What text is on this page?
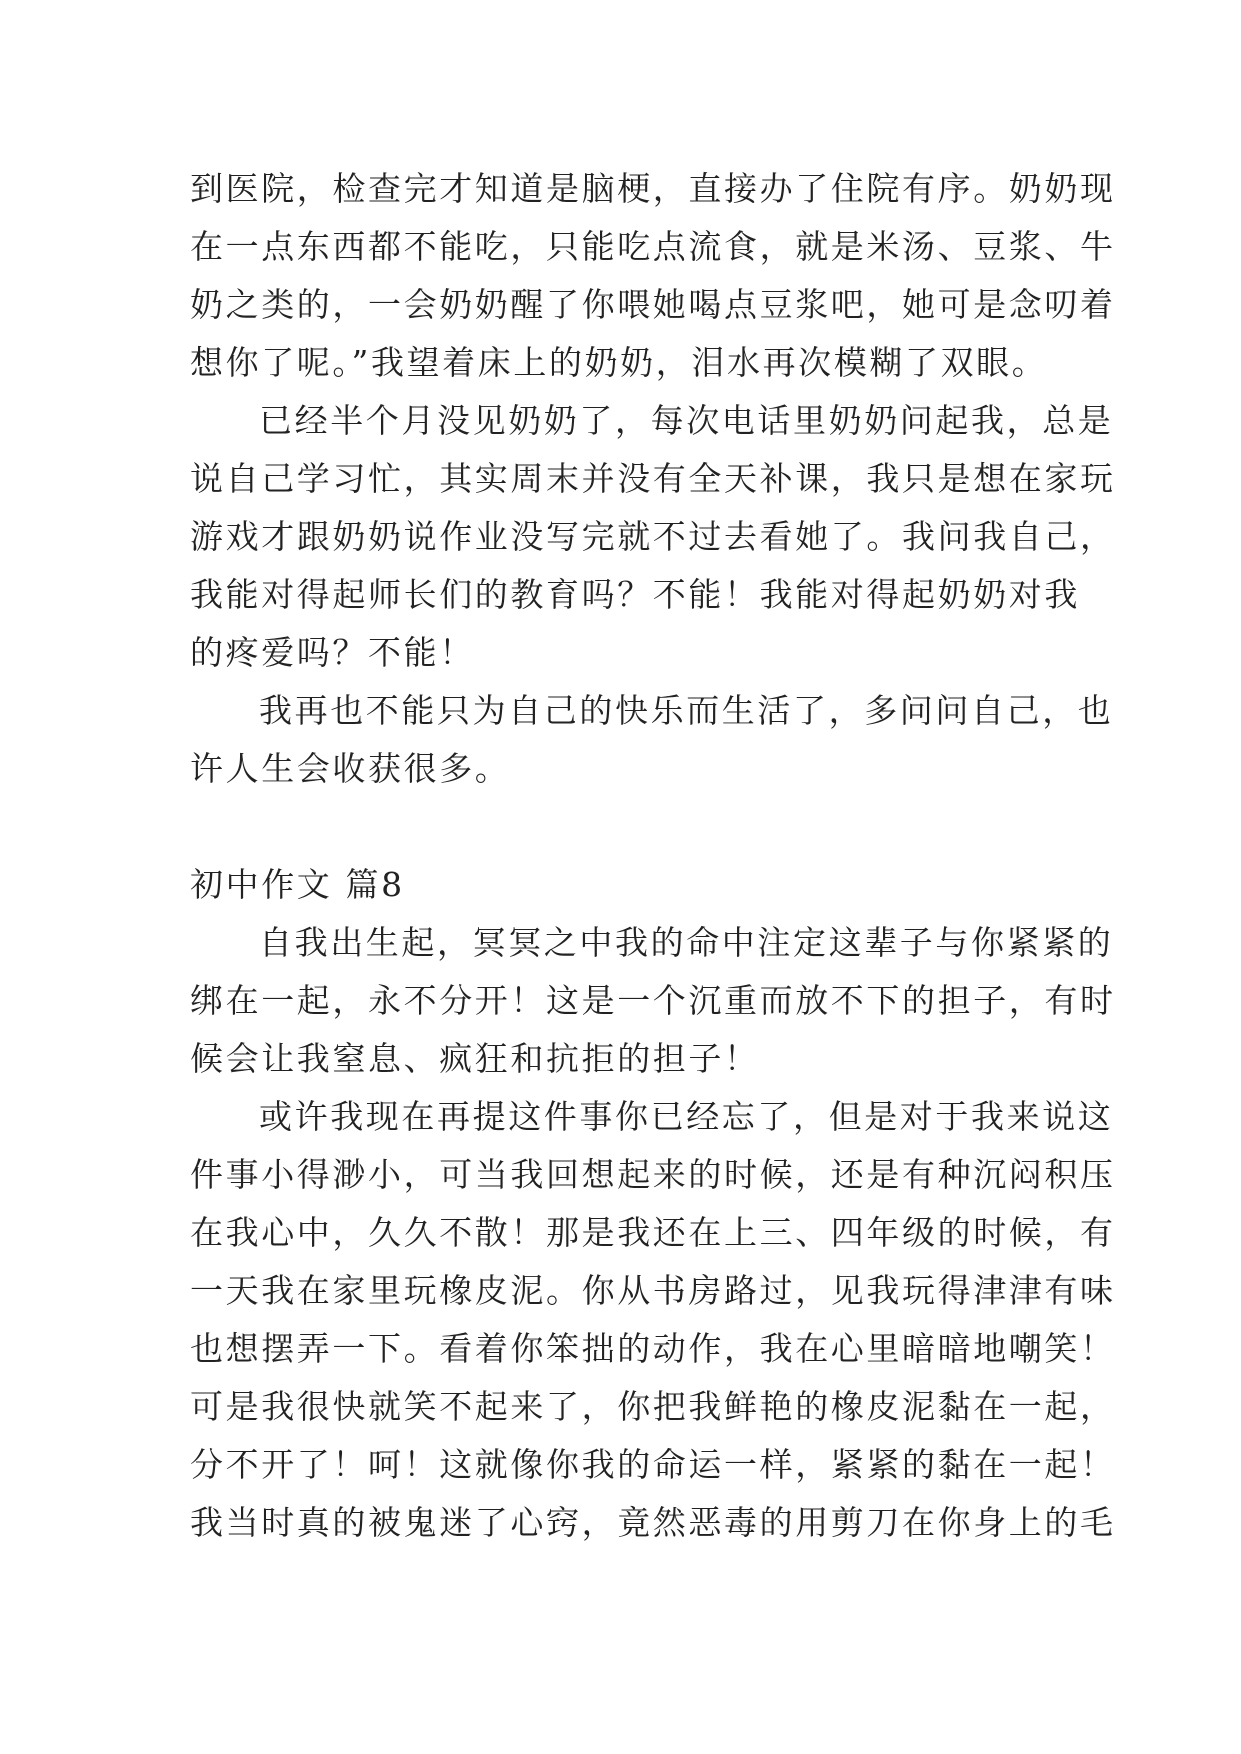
到医院，检查完才知道是脑梗，直接办了住院有序。奶奶现
在一点东西都不能吃，只能吃点流食，就是米汤、豆浆、牛
奶之类的，一会奶奶醒了你喂她喝点豆浆吧，她可是念叨着
想你了呢。”我望着床上的奶奶，泪水再次模糊了双眼。
已经半个月没见奶奶了，每次电话里奶奶问起我，总是
说自己学习忙，其实周末并没有全天补课，我只是想在家玩
游戏才跟奶奶说作业没写完就不过去看她了。我问我自己，
我能对得起师长们的教育吗？不能！我能对得起奶奶对我
的疼爱吗？不能！
我再也不能只为自己的快乐而生活了，多问问自己，也
许人生会收获很多。
初中作文 篇8
自我出生起，冥冥之中我的命中注定这辈子与你紧紧的
绑在一起，永不分开！这是一个沉重而放不下的担子，有时
候会让我窒息、疯狂和抗拒的担子！
或许我现在再提这件事你已经忘了，但是对于我来说这
件事小得渺小，可当我回想起来的时候，还是有种沉闷积压
在我心中，久久不散！那是我还在上三、四年级的时候，有
一天我在家里玩橡皮泥。你从书房路过，见我玩得津津有味
也想摆弄一下。看着你笨拙的动作，我在心里暗暗地嘲笑！
可是我很快就笑不起来了，你把我鲜艳的橡皮泥黏在一起，
分不开了！呵！这就像你我的命运一样，紧紧的黏在一起！
我当时真的被鬼迷了心窍，竟然恶毒的用剪刀在你身上的毛
